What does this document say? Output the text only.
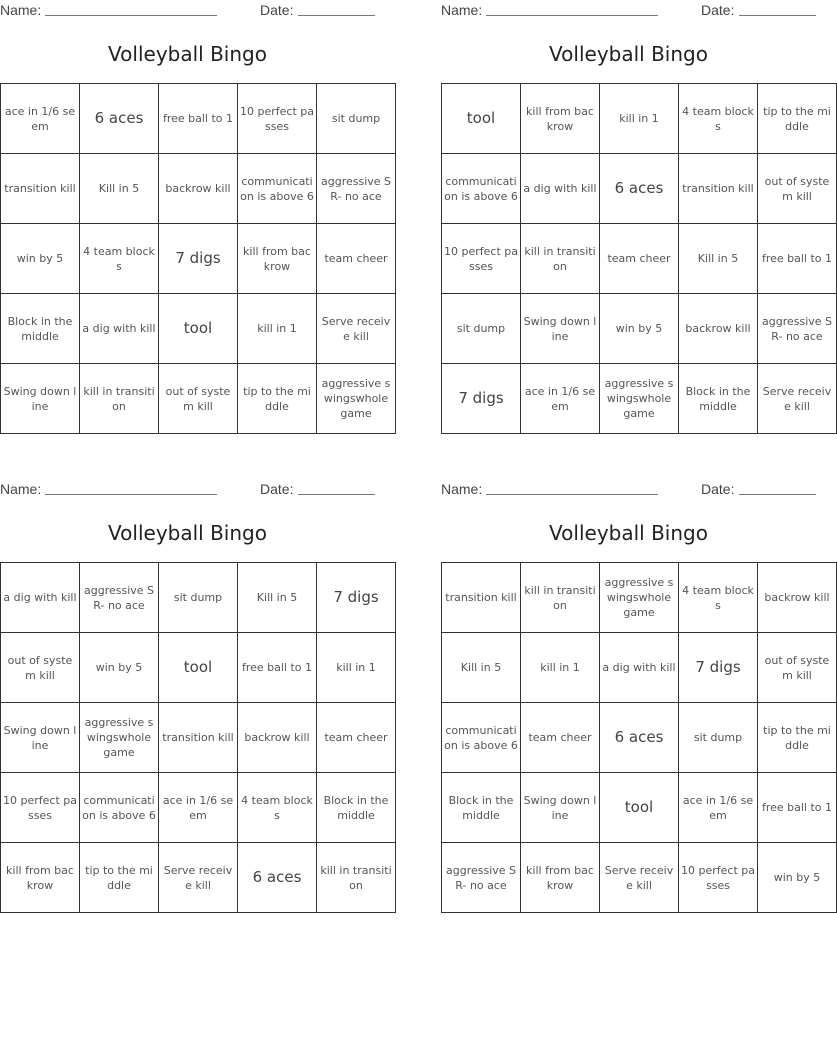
Name:	Date:
Volleyball Bingo
ace in 1/6 seem	6 aces	free ball to 1	10 perfect passes	sit dump
transition kill	Kill in 5	backrow kill	communication is above 6	aggressive SR- no ace
win by 5	4 team blocks	7 digs	kill from backrow	team cheer
Block in the middle	a dig with kill	tool	kill in 1	Serve receive kill
Swing down line	kill in transition	out of system kill	tip to the middle	aggressive swingswhole game
Name:	Date:
Volleyball Bingo
tool	kill from backrow	kill in 1	4 team blocks	tip to the middle
communication is above 6	a dig with kill	6 aces	transition kill	out of system kill
10 perfect passes	kill in transition	team cheer	Kill in 5	free ball to 1
sit dump	Swing down line	win by 5	backrow kill	aggressive SR- no ace
7 digs	ace in 1/6 seem	aggressive swingswhole game	Block in the middle	Serve receive kill
Name:	Date:
Volleyball Bingo
a dig with kill	aggressive SR- no ace	sit dump	Kill in 5	7 digs
out of system kill	win by 5	tool	free ball to 1	kill in 1
Swing down line	aggressive swingswhole game	transition kill	backrow kill	team cheer
10 perfect passes	communication is above 6	ace in 1/6 seem	4 team blocks	Block in the middle
kill from backrow	tip to the middle	Serve receive kill	6 aces	kill in transition
Name:	Date:
Volleyball Bingo
transition kill	kill in transition	aggressive swingswhole game	4 team blocks	backrow kill
Kill in 5	kill in 1	a dig with kill	7 digs	out of system kill
communication is above 6	team cheer	6 aces	sit dump	tip to the middle
Block in the middle	Swing down line	tool	ace in 1/6 seem	free ball to 1
aggressive SR- no ace	kill from backrow	Serve receive kill	10 perfect passes	win by 5
